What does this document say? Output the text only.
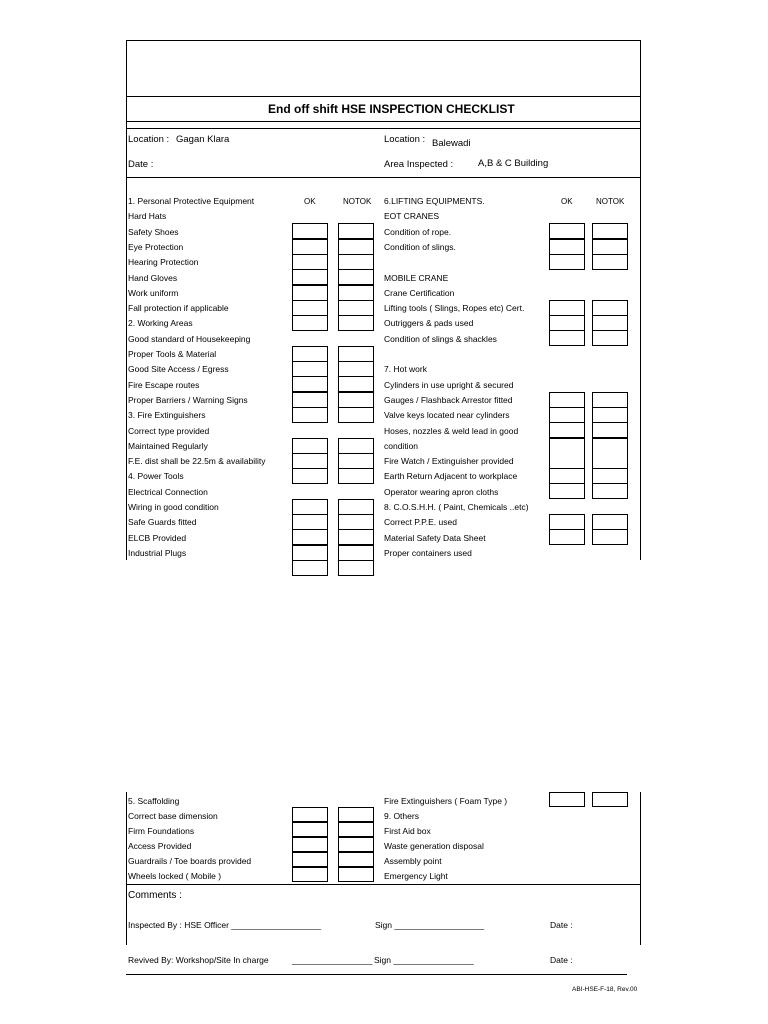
End off shift HSE INSPECTION CHECKLIST
Location : Gagan Klara	Location : Balewadi
Date :	Area Inspected :	A,B & C Building
OK	NOTOK	OK	NOTOK
1. Personal Protective Equipment
Hard Hats
Safety Shoes
Eye Protection
Hearing Protection
Hand Gloves
Work uniform
Fall protection if applicable
2. Working Areas
Good standard of Housekeeping
Proper Tools & Material
Good Site Access / Egress
Fire Escape routes
Proper Barriers / Warning Signs
3. Fire Extinguishers
Correct type provided
Maintained Regularly
F.E. dist shall be 22.5m & availability
4. Power Tools
Electrical Connection
Wiring in good condition
Safe Guards fitted
ELCB Provided
Industrial Plugs
6.LIFTING EQUIPMENTS.
EOT CRANES
Condition of rope.
Condition of slings.
MOBILE CRANE
Crane Certification
Lifting tools ( Slings, Ropes etc) Cert.
Outriggers & pads used
Condition of slings & shackles
7. Hot work
Cylinders in use upright & secured
Gauges / Flashback Arrestor fitted
Valve keys located near cylinders
Hoses, nozzles & weld lead in good
condition
Fire Watch / Extinguisher provided
Earth Return Adjacent to workplace
Operator wearing apron cloths
8. C.O.S.H.H. ( Paint, Chemicals ..etc)
Correct P.P.E. used
Material Safety Data Sheet
Proper containers used
5. Scaffolding
Correct base dimension
Firm Foundations
Access Provided
Guardrails / Toe boards provided
Wheels locked ( Mobile )
Fire Extinguishers ( Foam Type )
9. Others
First Aid box
Waste generation disposal
Assembly point
Emergency Light
Comments :
Inspected By : HSE Officer ___________________	Sign ___________________	Date :
Revived By: Workshop/Site In charge	_________________ Sign _________________	Date :
ABI-HSE-F-18, Rev.00
